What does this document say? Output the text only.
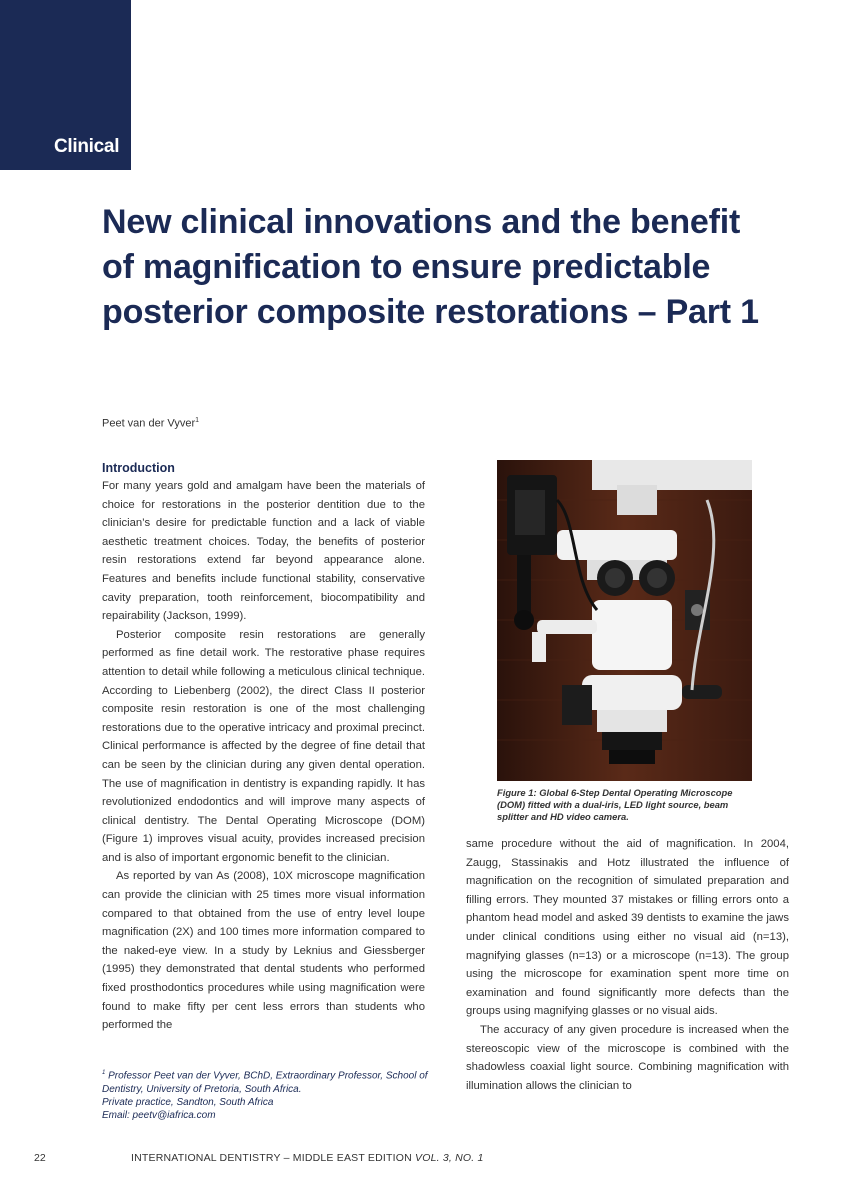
Clinical
New clinical innovations and the benefit of magnification to ensure predictable posterior composite restorations – Part 1
Peet van der Vyver$^1$
Introduction

For many years gold and amalgam have been the materials of choice for restorations in the posterior dentition due to the clinician’s desire for predictable function and a lack of viable aesthetic treatment choices. Today, the benefits of posterior resin restorations extend far beyond appearance alone. Features and benefits include functional stability, conservative cavity preparation, tooth reinforcement, biocompatibility and repairability (Jackson, 1999).

Posterior composite resin restorations are generally performed as fine detail work. The restorative phase requires attention to detail while following a meticulous clinical technique. According to Liebenberg (2002), the direct Class II posterior composite resin restoration is one of the most challenging restorations due to the operative intricacy and proximal precinct. Clinical performance is affected by the degree of fine detail that can be seen by the clinician during any given dental operation. The use of magnification in dentistry is expanding rapidly. It has revolutionized endodontics and will improve many aspects of clinical dentistry. The Dental Operating Microscope (DOM) (Figure 1) improves visual acuity, provides increased precision and is also of important ergonomic benefit to the clinician.

As reported by van As (2008), 10X microscope magnification can provide the clinician with 25 times more visual information compared to that obtained from the use of entry level loupe magnification (2X) and 100 times more information compared to the naked-eye view. In a study by Leknius and Giessberger (1995) they demonstrated that dental students who performed fixed prosthodontics procedures while using magnification were found to make fifty per cent less errors than students who performed the

Figure 1: Global 6-Step Dental Operating Microscope (DOM) fitted with a dual-iris, LED light source, beam splitter and HD video camera.

same procedure without the aid of magnification. In 2004, Zaugg, Stassinakis and Hotz illustrated the influence of magnification on the recognition of simulated preparation and filling errors. They mounted 37 mistakes or filling errors onto a phantom head model and asked 39 dentists to examine the jaws under clinical conditions using either no visual aid (n=13), magnifying glasses (n=13) or a microscope (n=13). The group using the microscope for examination spent more time on examination and found significantly more defects than the groups using magnifying glasses or no visual aids.

The accuracy of any given procedure is increased when the stereoscopic view of the microscope is combined with the shadowless coaxial light source. Combining magnification with illumination allows the clinician to

$^1$ Professor Peet van der Vyver, BChD, Extraordinary Professor, School of Dentistry, University of Pretoria, South Africa.

Private practice, Sandton, South Africa

Email: peetv@iafrica.com

22	INTERNATIONAL DENTISTRY – MIDDLE EAST EDITION VOL. 3, NO. 1
